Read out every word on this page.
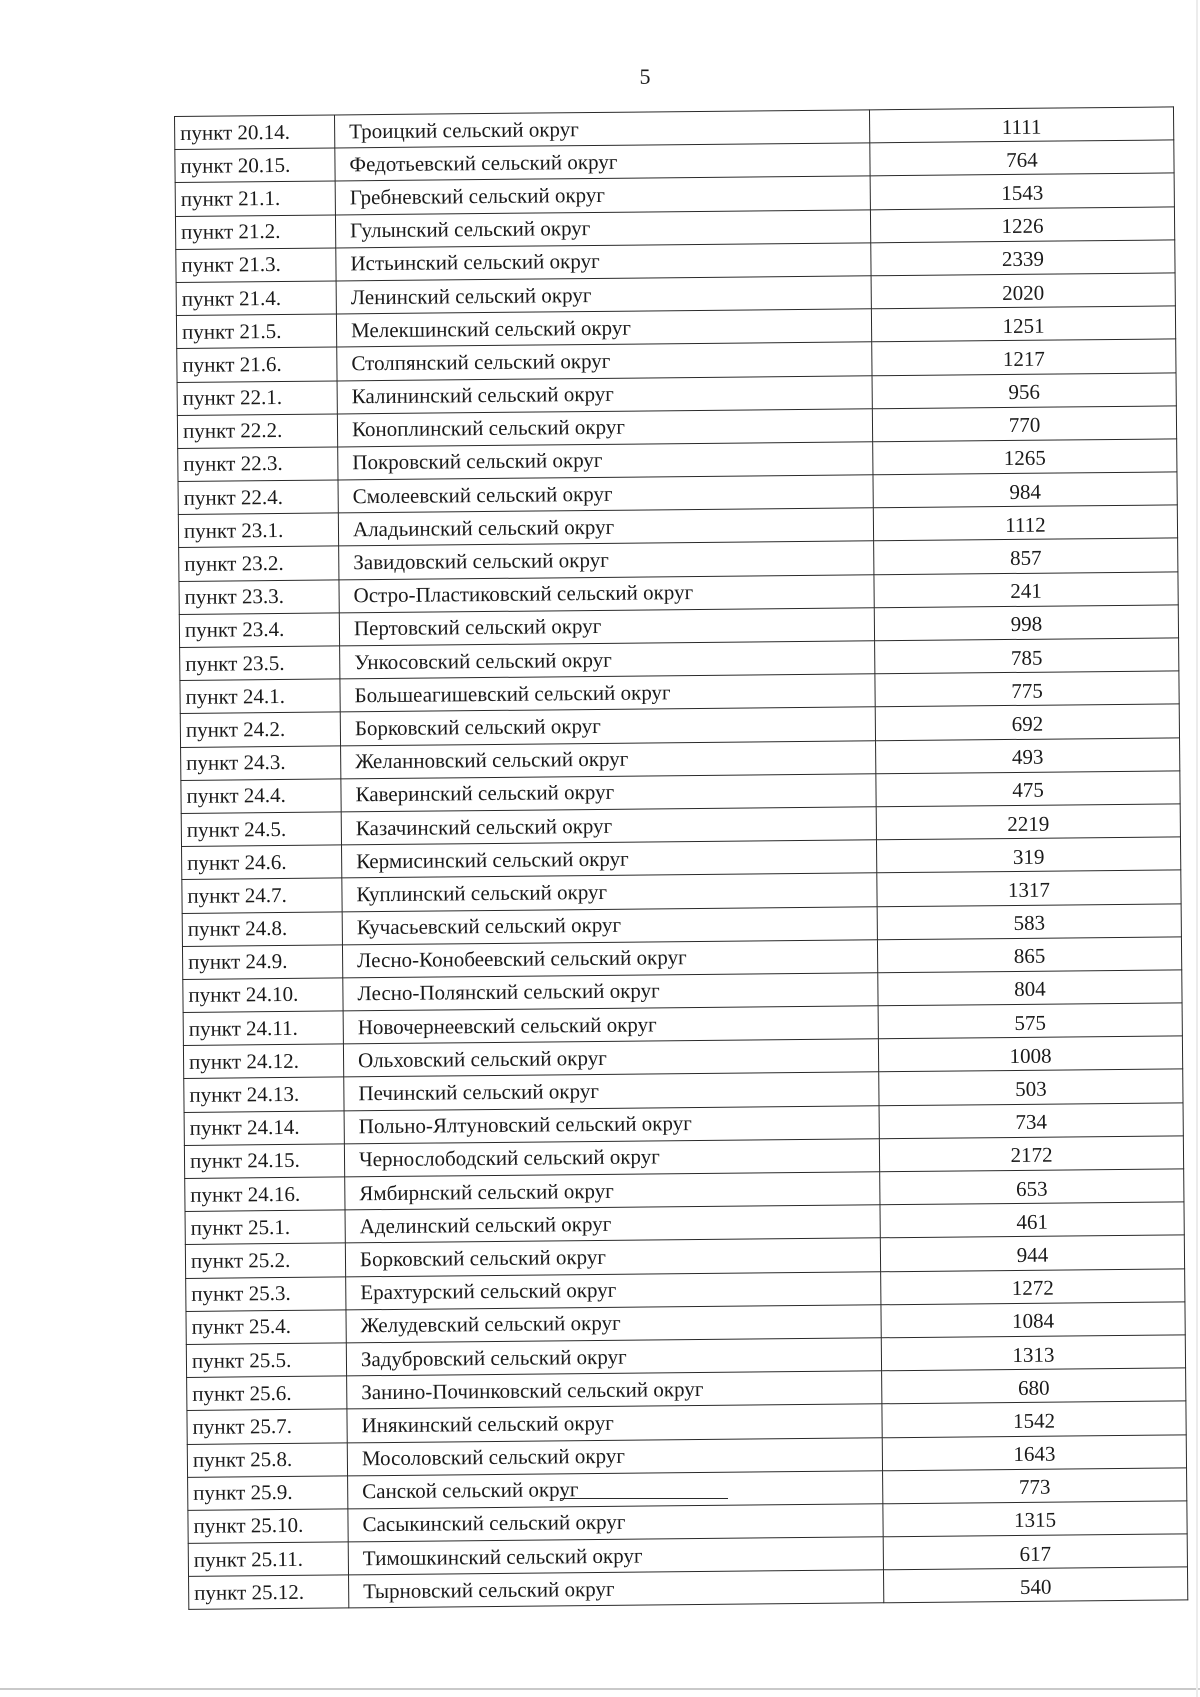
5
пункт 20.14.	Троицкий сельский округ	1111
пункт 20.15.	Федотьевский сельский округ	764
пункт 21.1.	Гребневский сельский округ	1543
пункт 21.2.	Гулынский сельский округ	1226
пункт 21.3.	Истьинский сельский округ	2339
пункт 21.4.	Ленинский сельский округ	2020
пункт 21.5.	Мелекшинский сельский округ	1251
пункт 21.6.	Столпянский сельский округ	1217
пункт 22.1.	Калининский сельский округ	956
пункт 22.2.	Коноплинский сельский округ	770
пункт 22.3.	Покровский сельский округ	1265
пункт 22.4.	Смолеевский сельский округ	984
пункт 23.1.	Аладьинский сельский округ	1112
пункт 23.2.	Завидовский сельский округ	857
пункт 23.3.	Остро-Пластиковский сельский округ	241
пункт 23.4.	Пертовский сельский округ	998
пункт 23.5.	Ункосовский сельский округ	785
пункт 24.1.	Большеагишевский сельский округ	775
пункт 24.2.	Борковский сельский округ	692
пункт 24.3.	Желанновский сельский округ	493
пункт 24.4.	Каверинский сельский округ	475
пункт 24.5.	Казачинский сельский округ	2219
пункт 24.6.	Кермисинский сельский округ	319
пункт 24.7.	Куплинский сельский округ	1317
пункт 24.8.	Кучасьевский сельский округ	583
пункт 24.9.	Лесно-Конобеевский сельский округ	865
пункт 24.10.	Лесно-Полянский сельский округ	804
пункт 24.11.	Новочернеевский сельский округ	575
пункт 24.12.	Ольховский сельский округ	1008
пункт 24.13.	Печинский сельский округ	503
пункт 24.14.	Польно-Ялтуновский сельский округ	734
пункт 24.15.	Чернослободский сельский округ	2172
пункт 24.16.	Ямбирнский сельский округ	653
пункт 25.1.	Аделинский сельский округ	461
пункт 25.2.	Борковский сельский округ	944
пункт 25.3.	Ерахтурский сельский округ	1272
пункт 25.4.	Желудевский сельский округ	1084
пункт 25.5.	Задубровский сельский округ	1313
пункт 25.6.	Занино-Починковский сельский округ	680
пункт 25.7.	Инякинский сельский округ	1542
пункт 25.8.	Мосоловский сельский округ	1643
пункт 25.9.	Санской сельский округ	773
пункт 25.10.	Сасыкинский сельский округ	1315
пункт 25.11.	Тимошкинский сельский округ	617
пункт 25.12.	Тырновский сельский округ	540
